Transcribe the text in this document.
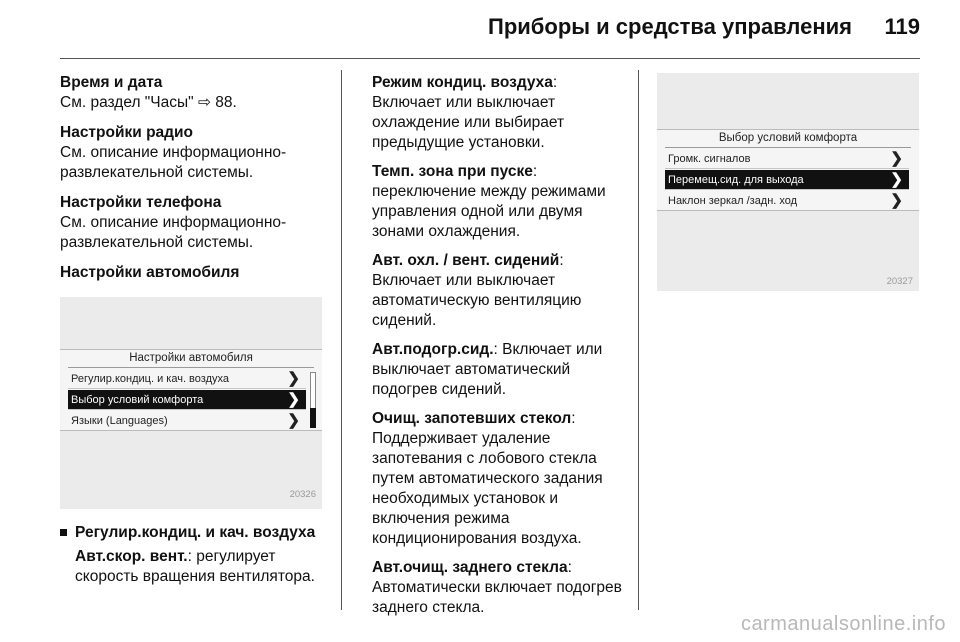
Приборы и средства управления 119
Время и дата
См. раздел "Часы" ⇨ 88.
Настройки радио
См. описание информационно-развлекательной системы.
Настройки телефона
См. описание информационно-развлекательной системы.
Настройки автомобиля
Настройки автомобиля
Регулир.кондиц. и кач. воздуха	❯
Выбор условий комфорта	❯
Языки (Languages)	❯
20326
Регулир.кондиц. и кач. воздуха
Авт.скор. вент.: регулирует скорость вращения вентилятора.

Режим кондиц. воздуха: Включает или выключает охлаждение или выбирает предыдущие установки.

Темп. зона при пуске: переключение между режимами управления одной или двумя зонами охлаждения.

Авт. охл. / вент. сидений: Включает или выключает автоматическую вентиляцию сидений.

Авт.подогр.сид.: Включает или выключает автоматический подогрев сидений.

Очищ. запотевших стекол: Поддерживает удаление запотевания с лобового стекла путем автоматического задания необходимых установок и включения режима кондиционирования воздуха.

Авт.очищ. заднего стекла: Автоматически включает подогрев заднего стекла.

Выбор условий комфорта
Громк. сигналов	❯
Перемещ.сид. для выхода	❯
Наклон зеркал /задн. ход	❯
20327
carmanualsonline.info
